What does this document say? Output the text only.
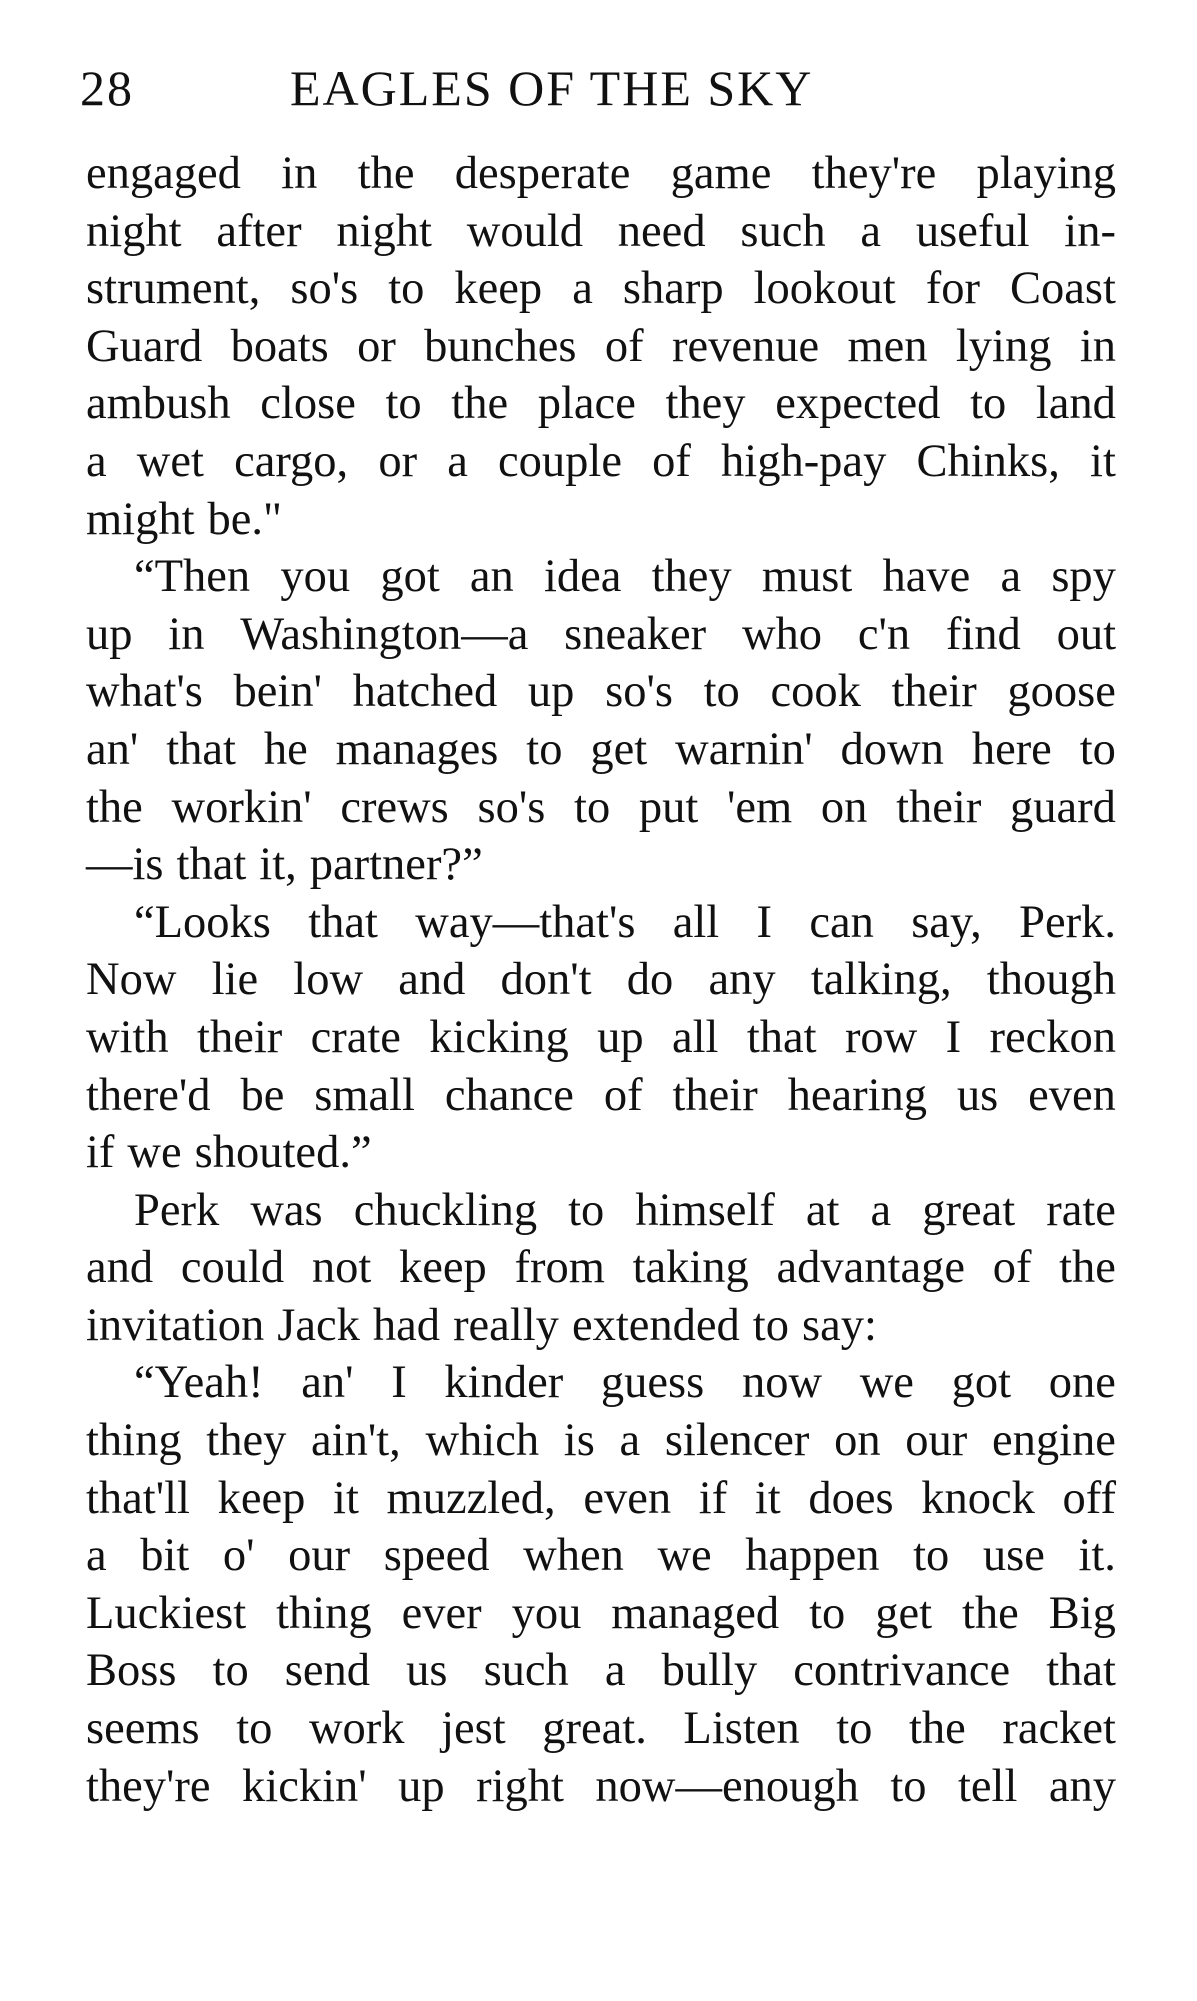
28	EAGLES OF THE SKY
engaged in the desperate game they're playing
night after night would need such a useful in-
strument, so's to keep a sharp lookout for Coast
Guard boats or bunches of revenue men lying in
ambush close to the place they expected to land
a wet cargo, or a couple of high-pay Chinks, it
might be."
“Then you got an idea they must have a spy
up in Washington—a sneaker who c'n find out
what's bein' hatched up so's to cook their goose
an' that he manages to get warnin' down here to
the workin' crews so's to put 'em on their guard
—is that it, partner?”
“Looks that way—that's all I can say, Perk.
Now lie low and don't do any talking, though
with their crate kicking up all that row I reckon
there'd be small chance of their hearing us even
if we shouted.”
Perk was chuckling to himself at a great rate
and could not keep from taking advantage of the
invitation Jack had really extended to say:
“Yeah! an' I kinder guess now we got one
thing they ain't, which is a silencer on our engine
that'll keep it muzzled, even if it does knock off
a bit o' our speed when we happen to use it.
Luckiest thing ever you managed to get the Big
Boss to send us such a bully contrivance that
seems to work jest great. Listen to the racket
they're kickin' up right now—enough to tell any
